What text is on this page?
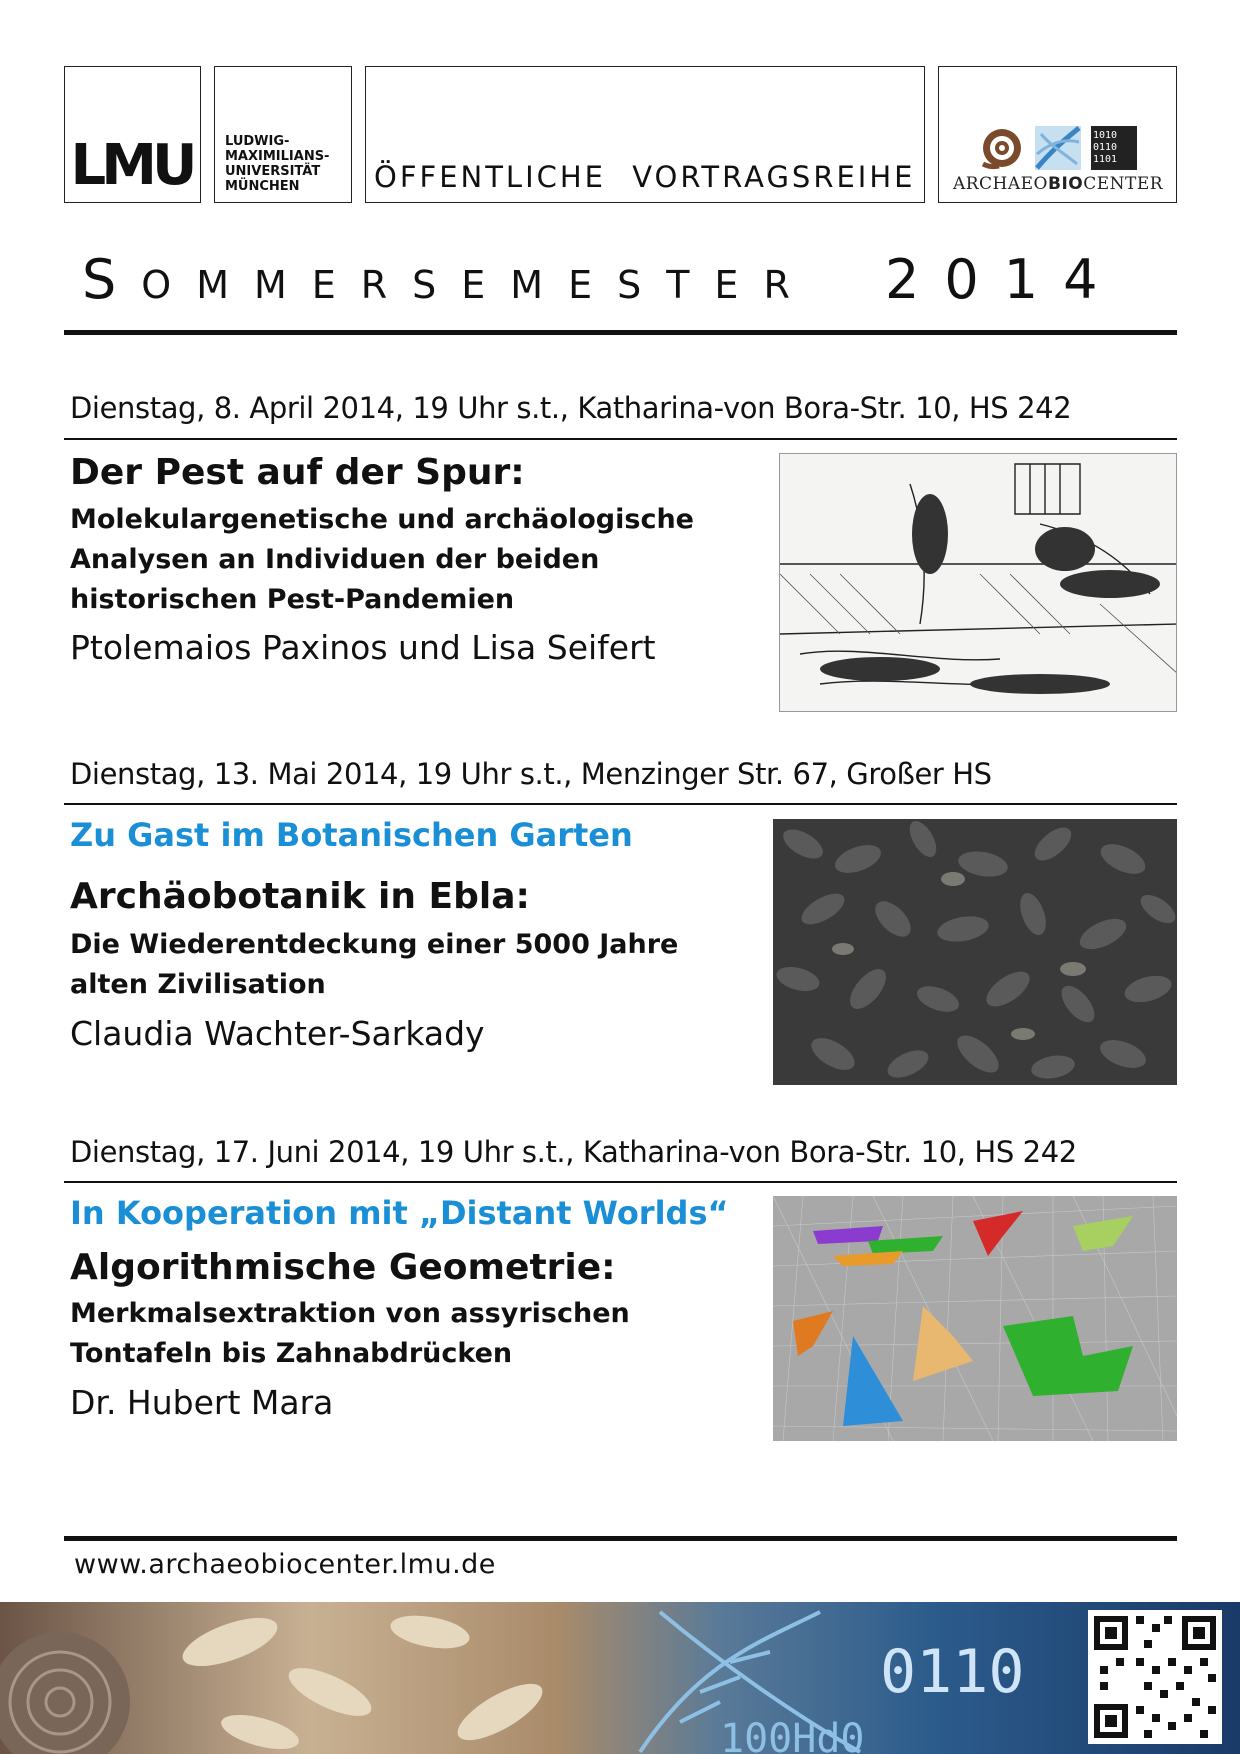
LMU	LUDWIG-
MAXIMILIANS-
UNIVERSITÄT
MÜNCHEN	ÖFFENTLICHE VORTRAGSREIHE
1010
0110
1101
ARCHAEOBIOCENTER
Sommersemester 2014
Dienstag, 8. April 2014, 19 Uhr s.t., Katharina-von Bora-Str. 10, HS 242
Der Pest auf der Spur:
Molekulargenetische und archäologische Analysen an Individuen der beiden historischen Pest-Pandemien
Ptolemaios Paxinos und Lisa Seifert
Dienstag, 13. Mai 2014, 19 Uhr s.t., Menzinger Str. 67, Großer HS
Zu Gast im Botanischen Garten
Archäobotanik in Ebla:
Die Wiederentdeckung einer 5000 Jahre alten Zivilisation
Claudia Wachter-Sarkady
Dienstag, 17. Juni 2014, 19 Uhr s.t., Katharina-von Bora-Str. 10, HS 242
In Kooperation mit „Distant Worlds“
Algorithmische Geometrie:
Merkmalsextraktion von assyrischen Tontafeln bis Zahnabdrücken
Dr. Hubert Mara
www.archaeobiocenter.lmu.de
0110
100Hd0
